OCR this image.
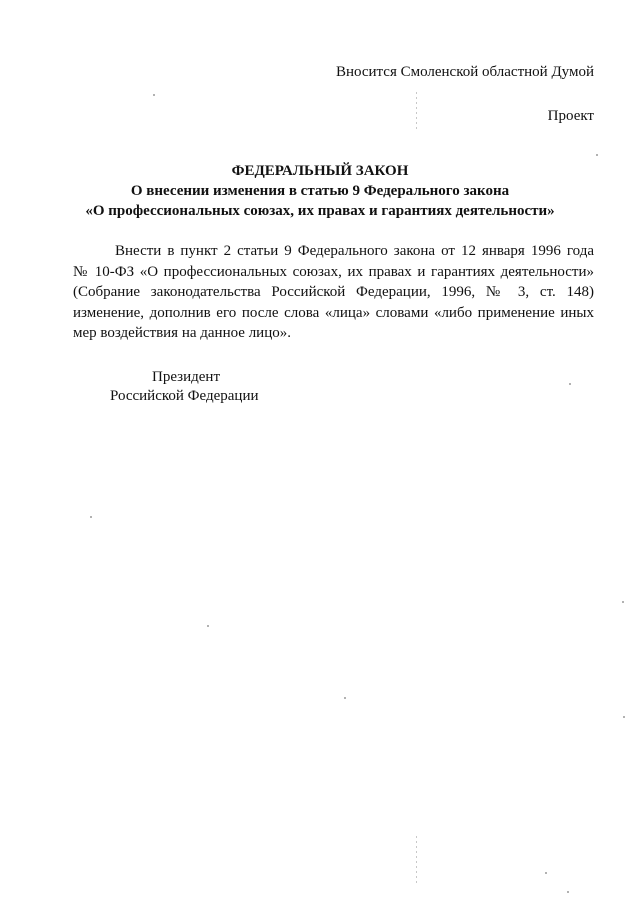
Вносится Смоленской областной Думой
Проект
ФЕДЕРАЛЬНЫЙ ЗАКОН
О внесении изменения в статью 9 Федерального закона
«О профессиональных союзах, их правах и гарантиях деятельности»
Внести в пункт 2 статьи 9 Федерального закона от 12 января 1996 года
№ 10-ФЗ «О профессиональных союзах, их правах и гарантиях деятельности»
(Собрание законодательства Российской Федерации, 1996, № 3, ст. 148)
изменение, дополнив его после слова «лица» словами «либо применение иных
мер воздействия на данное лицо».
Президент
Российской Федерации
